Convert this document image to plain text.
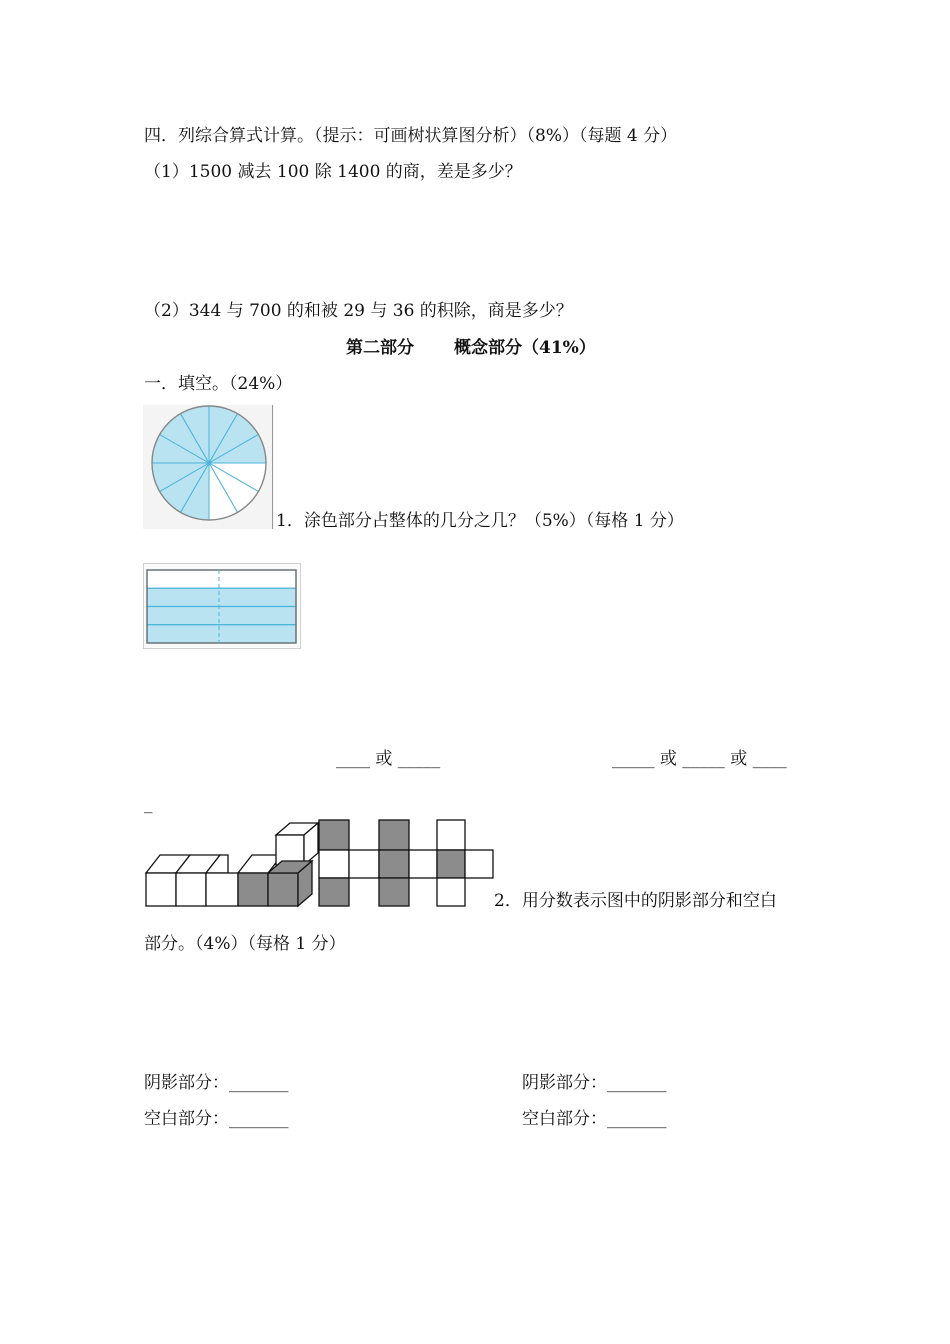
四．列综合算式计算。（提示：可画树状算图分析）（8%）（每题 4 分）
（1）1500 减去 100 除 1400 的商，差是多少？
（2）344 与 700 的和被 29 与 36 的积除，商是多少？
第二部分 概念部分（41%）
一．填空。（24%）
1．涂色部分占整体的几分之几？（5%）（每格 1 分）
____ 或 _____	_____ 或 _____ 或 ____
_
2．用分数表示图中的阴影部分和空白
部分。（4%）（每格 1 分）
阴影部分：_______
空白部分：_______
阴影部分：_______
空白部分：_______
